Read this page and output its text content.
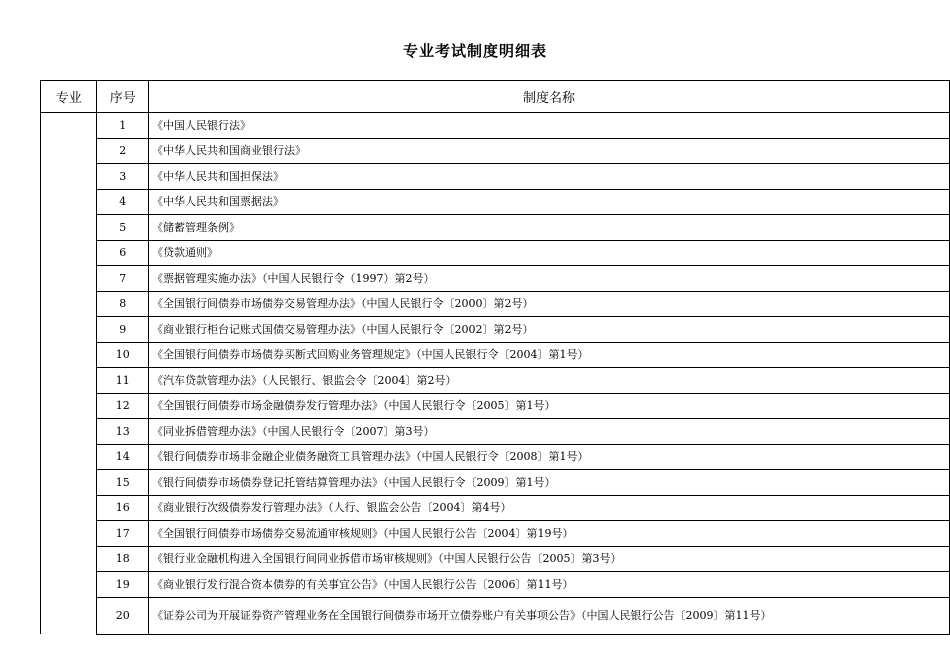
专业考试制度明细表
专业	序号	制度名称
	1	《中国人民银行法》
	2	《中华人民共和国商业银行法》
	3	《中华人民共和国担保法》
	4	《中华人民共和国票据法》
	5	《储蓄管理条例》
	6	《贷款通则》
	7	《票据管理实施办法》（中国人民银行令（1997）第2号）
	8	《全国银行间债券市场债券交易管理办法》（中国人民银行令〔2000〕第2号）
	9	《商业银行柜台记账式国债交易管理办法》（中国人民银行令〔2002〕第2号）
	10	《全国银行间债券市场债券买断式回购业务管理规定》（中国人民银行令〔2004〕第1号）
	11	《汽车贷款管理办法》（人民银行、银监会令〔2004〕第2号）
	12	《全国银行间债券市场金融债券发行管理办法》（中国人民银行令〔2005〕第1号）
	13	《同业拆借管理办法》（中国人民银行令〔2007〕第3号）
	14	《银行间债券市场非金融企业债务融资工具管理办法》（中国人民银行令〔2008〕第1号）
	15	《银行间债券市场债券登记托管结算管理办法》（中国人民银行令〔2009〕第1号）
	16	《商业银行次级债券发行管理办法》（人行、银监会公告〔2004〕第4号）
	17	《全国银行间债券市场债券交易流通审核规则》（中国人民银行公告〔2004〕第19号）
	18	《银行业金融机构进入全国银行间同业拆借市场审核规则》（中国人民银行公告〔2005〕第3号）
	19	《商业银行发行混合资本债券的有关事宜公告》（中国人民银行公告〔2006〕第11号）
	20	《证券公司为开展证券资产管理业务在全国银行间债券市场开立债券账户有关事项公告》（中国人民银行公告〔2009〕第11号）
